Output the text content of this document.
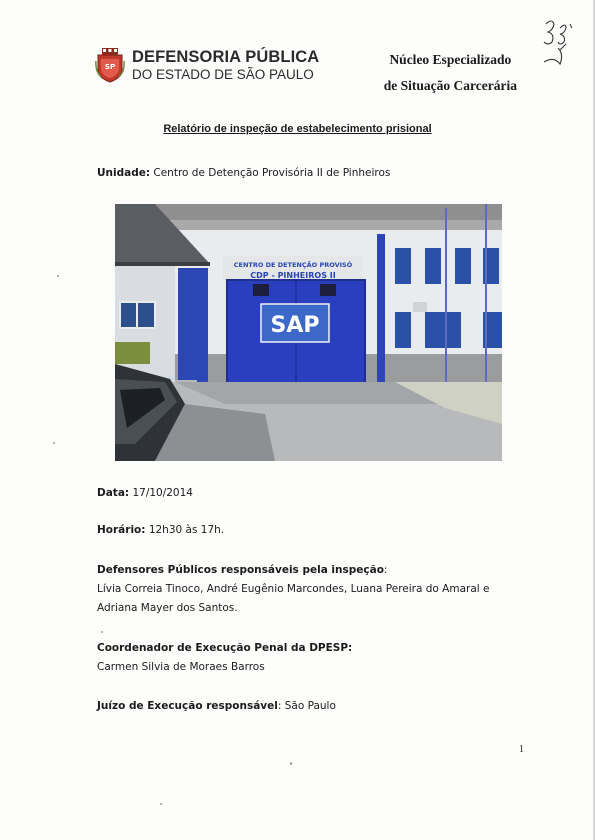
SP
DEFENSORIA PÚBLICA
DO ESTADO DE SÃO PAULO
Núcleo Especializado
de Situação Carcerária
Relatório de inspeção de estabelecimento prisional
Unidade: Centro de Detenção Provisória II de Pinheiros
CENTRO DE DETENÇÃO PROVISÓ
CDP - PINHEIROS II
SAP
Data: 17/10/2014
Horário: 12h30 às 17h.
Defensores Públicos responsáveis pela inspeção:
Lívia Correia Tinoco, André Eugênio Marcondes, Luana Pereira do Amaral e
Adriana Mayer dos Santos.
Coordenador de Execução Penal da DPESP:
Carmen Silvia de Moraes Barros
Juízo de Execução responsável: São Paulo
1
